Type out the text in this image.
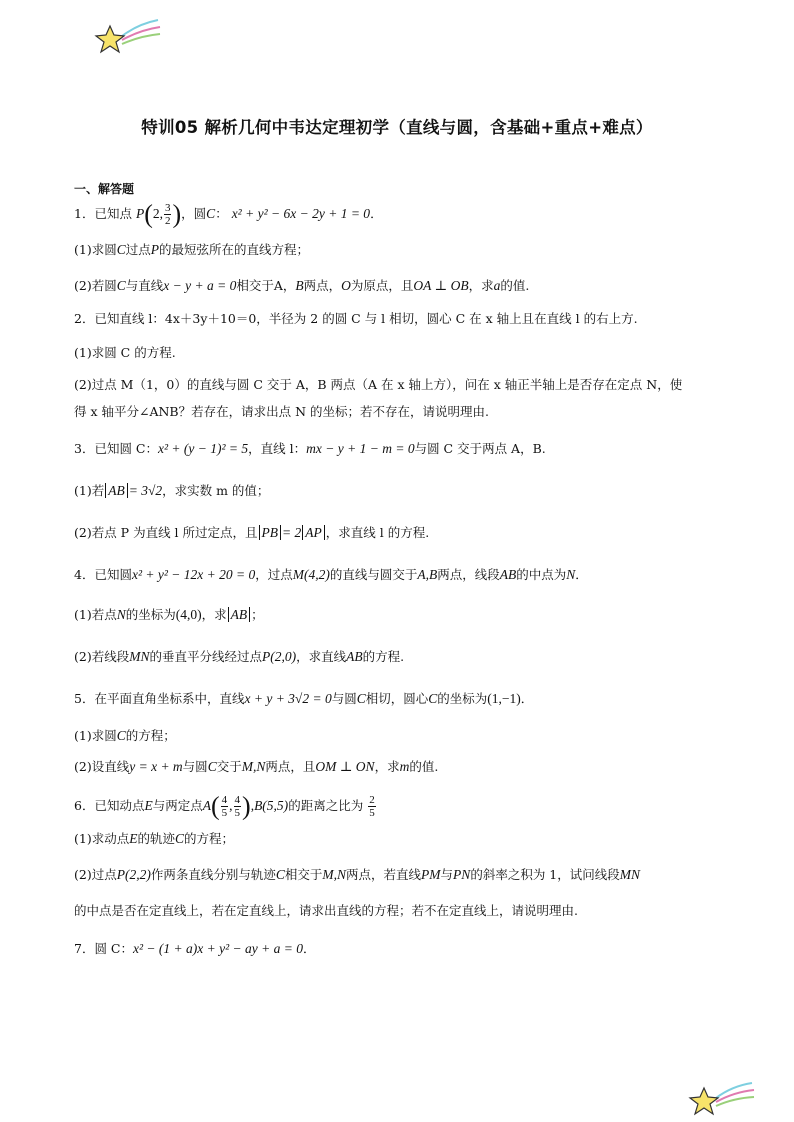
特训05 解析几何中韦达定理初学（直线与圆，含基础+重点+难点）
一、解答题
1．已知点 P(2, $\frac{3}{2}$ )，圆C： x² + y² − 6x − 2y + 1 = 0．
(1)求圆C过点P的最短弦所在的直线方程；
(2)若圆C与直线x − y + a = 0相交于A，B两点，O为原点，且OA ⊥ OB，求a的值.
2．已知直线 l：4x＋3y＋10＝0，半径为 2 的圆 C 与 l 相切，圆心 C 在 x 轴上且在直线 l 的右上方.
(1)求圆 C 的方程.
(2)过点 M（1，0）的直线与圆 C 交于 A，B 两点（A 在 x 轴上方），问在 x 轴正半轴上是否存在定点 N，使
得 x 轴平分∠ANB？若存在，请求出点 N 的坐标；若不存在，请说明理由.
3．已知圆 C：x² + (y − 1)² = 5，直线 l：mx − y + 1 − m = 0与圆 C 交于两点 A，B.
(1)若 AB = 3√2，求实数 m 的值；
(2)若点 P 为直线 l 所过定点，且 PB = 2 AP ，求直线 l 的方程.
4．已知圆x² + y² − 12x + 20 = 0，过点M(4,2)的直线与圆交于A,B两点，线段AB的中点为N．
(1)若点N的坐标为(4,0)，求 AB ；
(2)若线段MN的垂直平分线经过点P(2,0)，求直线AB的方程.
5．在平面直角坐标系中，直线x + y + 3√2 = 0与圆C相切，圆心C的坐标为(1,−1)．
(1)求圆C的方程；
(2)设直线y = x + m与圆C交于M,N两点，且OM ⊥ ON，求m的值.
6．已知动点E与两定点$A( \frac{4}{5}$ , $\frac{4}{5} ),B(5,5)$的距离之比为 $\frac{2}{5}$
(1)求动点E的轨迹C的方程；
(2)过点P(2,2)作两条直线分别与轨迹C相交于M,N两点，若直线PM与PN的斜率之积为 1，试问线段MN
的中点是否在定直线上，若在定直线上，请求出直线的方程；若不在定直线上，请说明理由.
7．圆 C：x² − (1 + a)x + y² − ay + a = 0．
